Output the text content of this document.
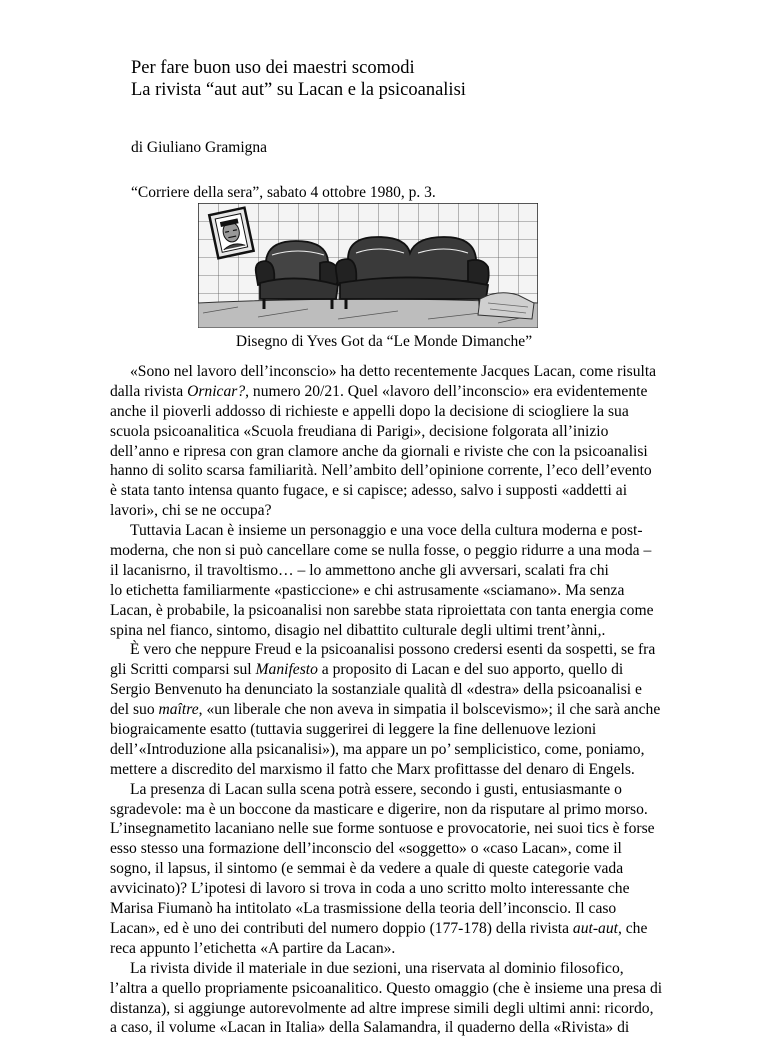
Per fare buon uso dei maestri scomodi
La rivista “aut aut” su Lacan e la psicoanalisi
di Giuliano Gramigna
“Corriere della sera”, sabato 4 ottobre 1980, p. 3.
Disegno di Yves Got da “Le Monde Dimanche”
«Sono nel lavoro dell’inconscio» ha detto recentemente Jacques Lacan, come risulta
dalla rivista Ornicar?, numero 20/21. Quel «lavoro dell’inconscio» era evidentemente
anche il pioverli addosso di richieste e appelli dopo la decisione di sciogliere la sua
scuola psicoanalitica «Scuola freudiana di Parigi», decisione folgorata all’inizio
dell’anno e ripresa con gran clamore anche da giornali e riviste che con la psicoanalisi
hanno di solito scarsa familiarità. Nell’ambito dell’opinione corrente, l’eco dell’evento
è stata tanto intensa quanto fugace, e si capisce; adesso, salvo i supposti «addetti ai
lavori», chi se ne occupa?
Tuttavia Lacan è insieme un personaggio e una voce della cultura moderna e post-
moderna, che non si può cancellare come se nulla fosse, o peggio ridurre a una moda –
il lacanisrno, il travoltismo… – lo ammettono anche gli avversari, scalati fra chi
lo etichetta familiarmente «pasticcione» e chi astrusamente «sciamano». Ma senza
Lacan, è probabile, la psicoanalisi non sarebbe stata riproiettata con tanta energia come
spina nel fianco, sintomo, disagio nel dibattito culturale degli ultimi trent’ànni,.
È vero che neppure Freud e la psicoanalisi possono credersi esenti da sospetti, se fra
gli Scritti comparsi sul Manifesto a proposito di Lacan e del suo apporto, quello di
Sergio Benvenuto ha denunciato la sostanziale qualità dl «destra» della psicoanalisi e
del suo maître, «un liberale che non aveva in simpatia il bolscevismo»; il che sarà anche
biograicamente esatto (tuttavia suggerirei di leggere la fine dellenuove lezioni
dell’«Introduzione alla psicanalisi»), ma appare un po’ semplicistico, come, poniamo,
mettere a discredito del marxismo il fatto che Marx profittasse del denaro di Engels.
La presenza di Lacan sulla scena potrà essere, secondo i gusti, entusiasmante o
sgradevole: ma è un boccone da masticare e digerire, non da risputare al primo morso.
L’insegnametito lacaniano nelle sue forme sontuose e provocatorie, nei suoi tics è forse
esso stesso una formazione dell’inconscio del «soggetto» o «caso Lacan», come il
sogno, il lapsus, il sintomo (e semmai è da vedere a quale di queste categorie vada
avvicinato)? L’ipotesi di lavoro si trova in coda a uno scritto molto interessante che
Marisa Fiumanò ha intitolato «La trasmissione della teoria dell’inconscio. Il caso
Lacan», ed è uno dei contributi del numero doppio (177-178) della rivista aut-aut, che
reca appunto l’etichetta «A partire da Lacan».
La rivista divide il materiale in due sezioni, una riservata al dominio filosofico,
l’altra a quello propriamente psicoanalitico. Questo omaggio (che è insieme una presa di
distanza), si aggiunge autorevolmente ad altre imprese simili degli ultimi anni: ricordo,
a caso, il volume «Lacan in Italia» della Salamandra, il quaderno della «Rivista» di
